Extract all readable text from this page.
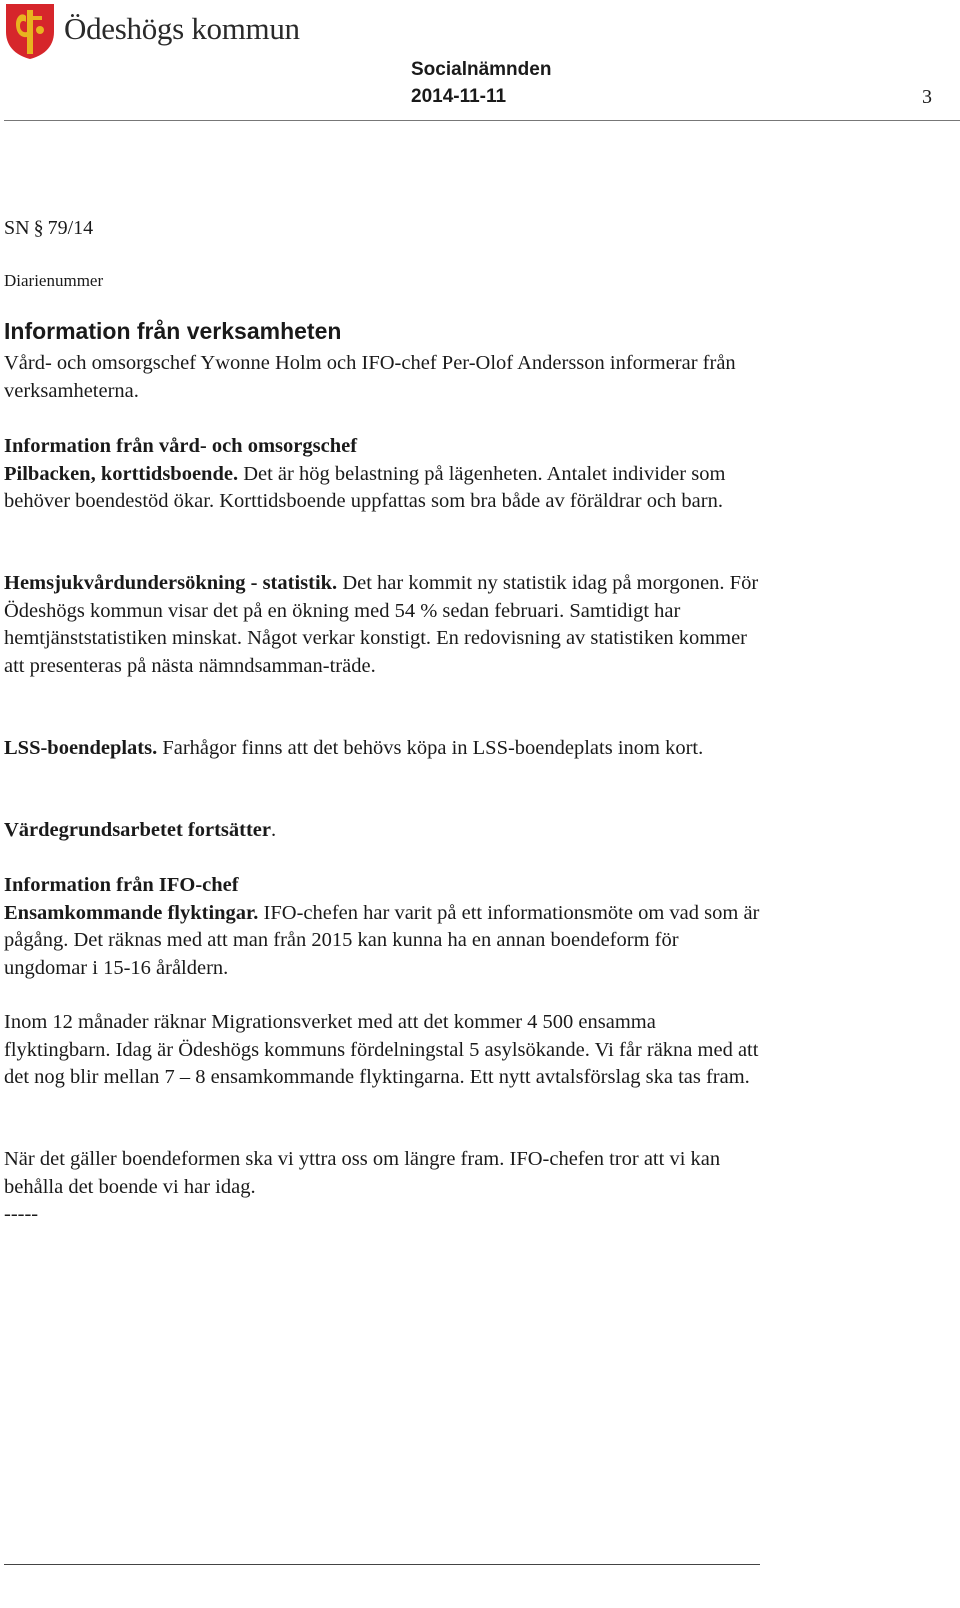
Ödeshögs kommun
Socialnämnden
2014-11-11	3
SN § 79/14
Diarienummer
Information från verksamheten

Vård- och omsorgschef Ywonne Holm och IFO-chef Per-Olof Andersson informerar från verksamheterna.

Information från vård- och omsorgschef
Pilbacken, korttidsboende. Det är hög belastning på lägenheten. Antalet individer som behöver boendestöd ökar. Korttidsboende uppfattas som bra både av föräldrar och barn.

Hemsjukvårdundersökning - statistik. Det har kommit ny statistik idag på morgonen. För Ödeshögs kommun visar det på en ökning med 54 % sedan februari. Samtidigt har hemtjänststatistiken minskat. Något verkar konstigt. En redovisning av statistiken kommer att presenteras på nästa nämndsamman-träde.

LSS-boendeplats. Farhågor finns att det behövs köpa in LSS-boendeplats inom kort.

Värdegrundsarbetet fortsätter.

Information från IFO-chef
Ensamkommande flyktingar. IFO-chefen har varit på ett informationsmöte om vad som är pågång. Det räknas med att man från 2015 kan kunna ha en annan boendeform för ungdomar i 15-16 åråldern.

Inom 12 månader räknar Migrationsverket med att det kommer 4 500 ensamma flyktingbarn. Idag är Ödeshögs kommuns fördelningstal 5 asylsökande. Vi får räkna med att det nog blir mellan 7 – 8 ensamkommande flyktingarna. Ett nytt avtalsförslag ska tas fram.

När det gäller boendeformen ska vi yttra oss om längre fram. IFO-chefen tror att vi kan behålla det boende vi har idag.
-----
